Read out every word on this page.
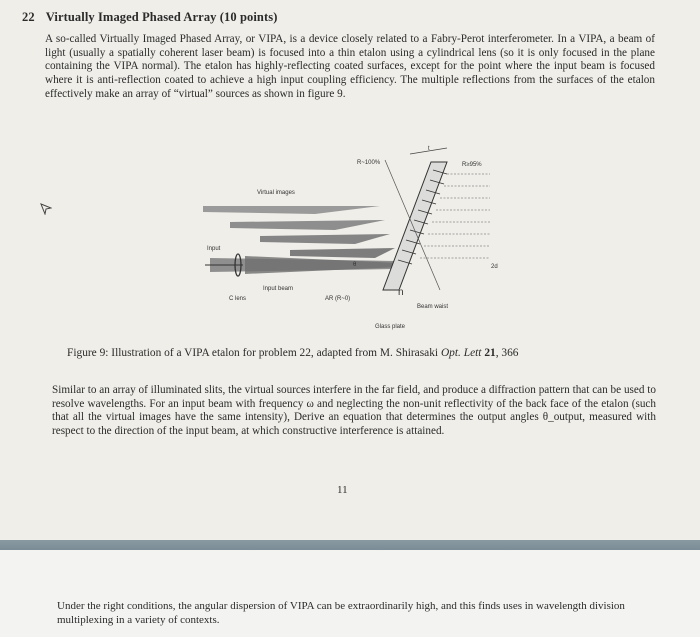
22 Virtually Imaged Phased Array (10 points)

A so-called Virtually Imaged Phased Array, or VIPA, is a device closely related to a Fabry-Perot interferometer. In a VIPA, a beam of light (usually a spatially coherent laser beam) is focused into a thin etalon using a cylindrical lens (so it is only focused in the plane containing the VIPA normal). The etalon has highly-reflecting coated surfaces, except for the point where the input beam is focused where it is anti-reflection coated to achieve a high input coupling efficiency. The multiple reflections from the surfaces of the etalon effectively make an array of “virtual” sources as shown in figure 9.

R~100%	R≥95%
Virtual images
Input
Input beam
C lens	AR (R~0)
n
Beam waist
Glass plate
θ
t
2d
Figure 9: Illustration of a VIPA etalon for problem 22, adapted from M. Shirasaki Opt. Lett 21, 366

Similar to an array of illuminated slits, the virtual sources interfere in the far field, and produce a diffraction pattern that can be used to resolve wavelengths. For an input beam with frequency ω and neglecting the non-unit reflectivity of the back face of the etalon (such that all the virtual images have the same intensity), Derive an equation that determines the output angles θ_output, measured with respect to the direction of the input beam, at which constructive interference is attained.

11

Under the right conditions, the angular dispersion of VIPA can be extraordinarily high, and this finds uses in wavelength division multiplexing in a variety of contexts.
